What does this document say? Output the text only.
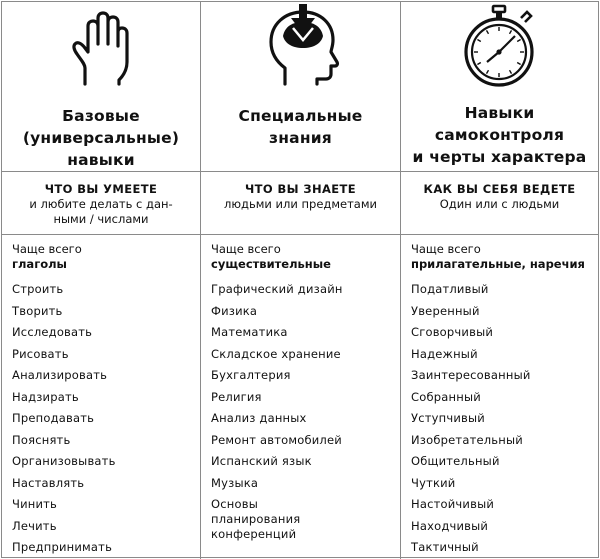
Базовые
(универсальные)
навыки
Специальные
знания
Навыки
самоконтроля
и черты характера
ЧТО ВЫ УМЕЕТЕ
и любите делать с дан-
ными / числами
ЧТО ВЫ ЗНАЕТЕ
людьми или предметами
КАК ВЫ СЕБЯ ВЕДЕТЕ
Один или с людьми
Чаще всего
глаголы
Строить
Творить
Исследовать
Рисовать
Анализировать
Надзирать
Преподавать
Пояснять
Организовывать
Наставлять
Чинить
Лечить
Предпринимать
Чаще всего
существительные
Графический дизайн
Физика
Математика
Складское хранение
Бухгалтерия
Религия
Анализ данных
Ремонт автомобилей
Испанский язык
Музыка
Основы
планирования
конференций
Чаще всего
прилагательные, наречия
Податливый
Уверенный
Сговорчивый
Надежный
Заинтересованный
Собранный
Уступчивый
Изобретательный
Общительный
Чуткий
Настойчивый
Находчивый
Тактичный
